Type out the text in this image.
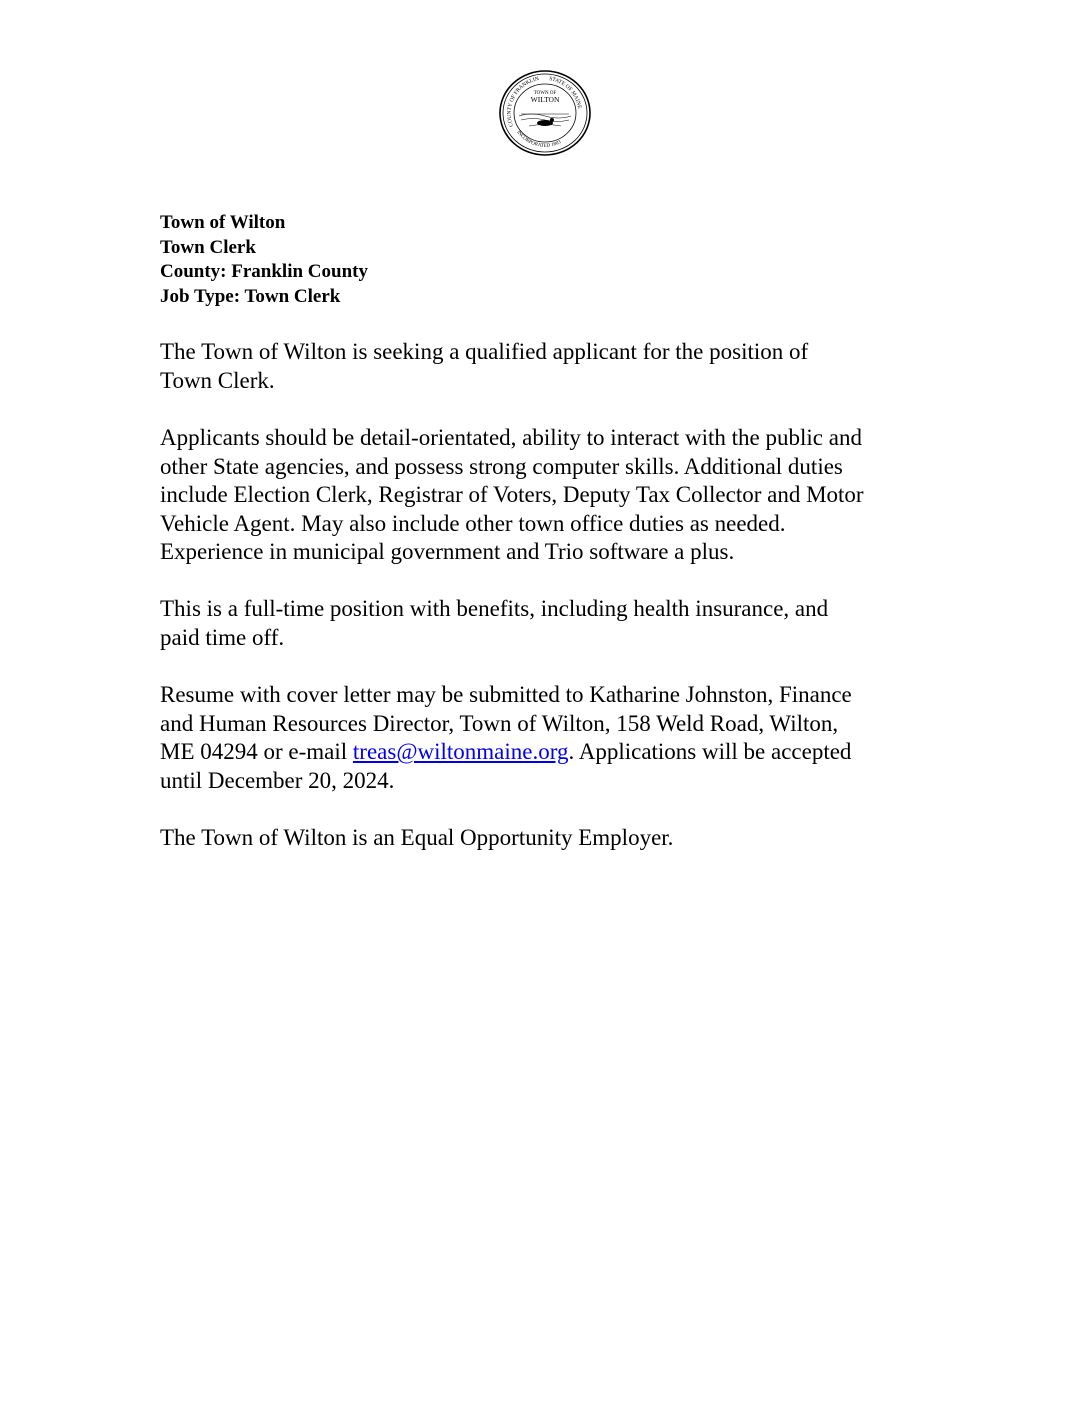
COUNTY OF FRANKLIN STATE OF MAINE
INCORPORATED 1803
TOWN OF
WILTON
Town of Wilton
Town Clerk
County: Franklin County
Job Type: Town Clerk
The Town of Wilton is seeking a qualified applicant for the position of
Town Clerk.
Applicants should be detail-orientated, ability to interact with the public and
other State agencies, and possess strong computer skills. Additional duties
include Election Clerk, Registrar of Voters, Deputy Tax Collector and Motor
Vehicle Agent. May also include other town office duties as needed.
Experience in municipal government and Trio software a plus.
This is a full-time position with benefits, including health insurance, and
paid time off.
Resume with cover letter may be submitted to Katharine Johnston, Finance
and Human Resources Director, Town of Wilton, 158 Weld Road, Wilton,
ME 04294 or e-mail treas@wiltonmaine.org. Applications will be accepted
until December 20, 2024.
The Town of Wilton is an Equal Opportunity Employer.
